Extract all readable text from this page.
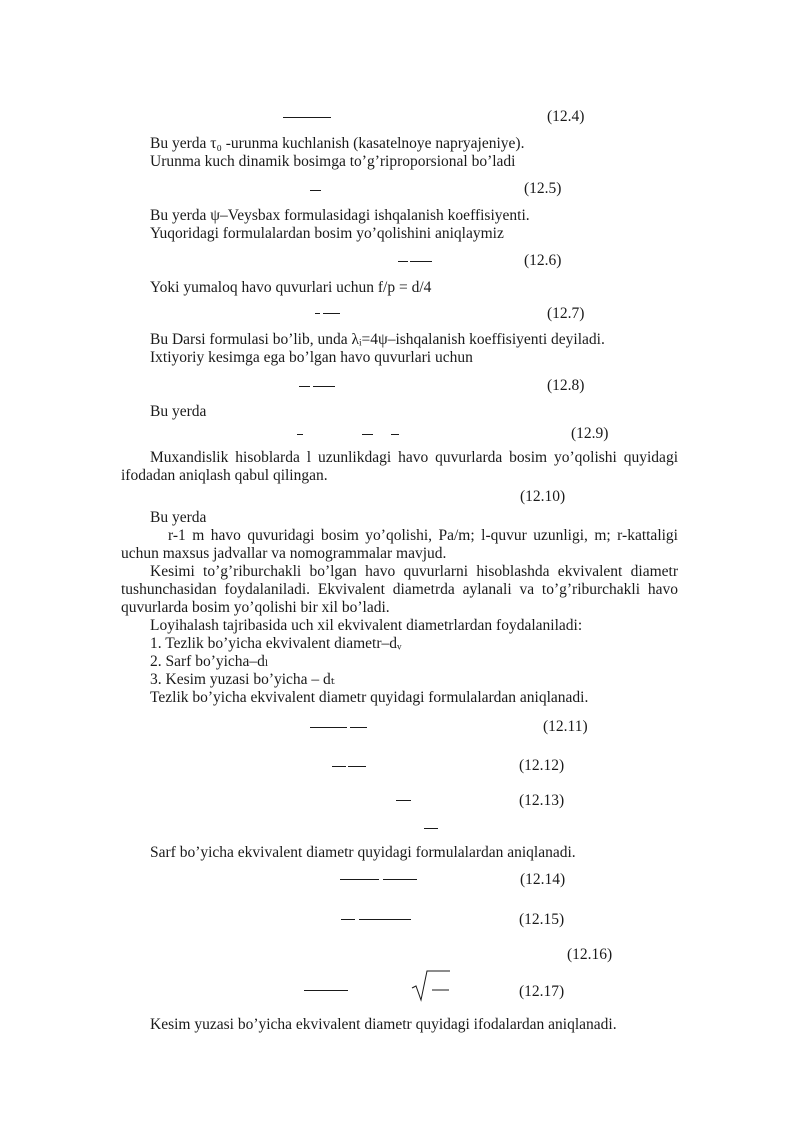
(12.4)
Bu yerda τ₀ -urunma kuchlanish (kasatelnoye napryajeniye).
Urunma kuch dinamik bosimga to’g’riproporsional bo’ladi
(12.5)
Bu yerda ψ–Veysbax formulasidagi ishqalanish koeffisiyenti.
Yuqoridagi formulalardan bosim yo’qolishini aniqlaymiz
(12.6)
Yoki yumaloq havo quvurlari uchun f/p = d/4
(12.7)
Bu Darsi formulasi bo’lib, unda λᵢ=4ψ–ishqalanish koeffisiyenti deyiladi.
Ixtiyoriy kesimga ega bo’lgan havo quvurlari uchun
(12.8)
Bu yerda
(12.9)
Muxandislik hisoblarda l uzunlikdagi havo quvurlarda bosim yo’qolishi quyidagi
ifodadan aniqlash qabul qilingan.
(12.10)
Bu yerda
r-1 m havo quvuridagi bosim yo’qolishi, Pa/m; l-quvur uzunligi, m; r-kattaligi
uchun maxsus jadvallar va nomogrammalar mavjud.
Kesimi to’g’riburchakli bo’lgan havo quvurlarni hisoblashda ekvivalent diametr
tushunchasidan foydalaniladi. Ekvivalent diametrda aylanali va to’g’riburchakli havo
quvurlarda bosim yo’qolishi bir xil bo’ladi.
Loyihalash tajribasida uch xil ekvivalent diametrlardan foydalaniladi:
1. Tezlik bo’yicha ekvivalent diametr–dᵥ
2. Sarf bo’yicha–dₗ
3. Kesim yuzasi bo’yicha – dₜ
Tezlik bo’yicha ekvivalent diametr quyidagi formulalardan aniqlanadi.
(12.11)
(12.12)
(12.13)
Sarf bo’yicha ekvivalent diametr quyidagi formulalardan aniqlanadi.
(12.14)
(12.15)
(12.16)
(12.17)
Kesim yuzasi bo’yicha ekvivalent diametr quyidagi ifodalardan aniqlanadi.
